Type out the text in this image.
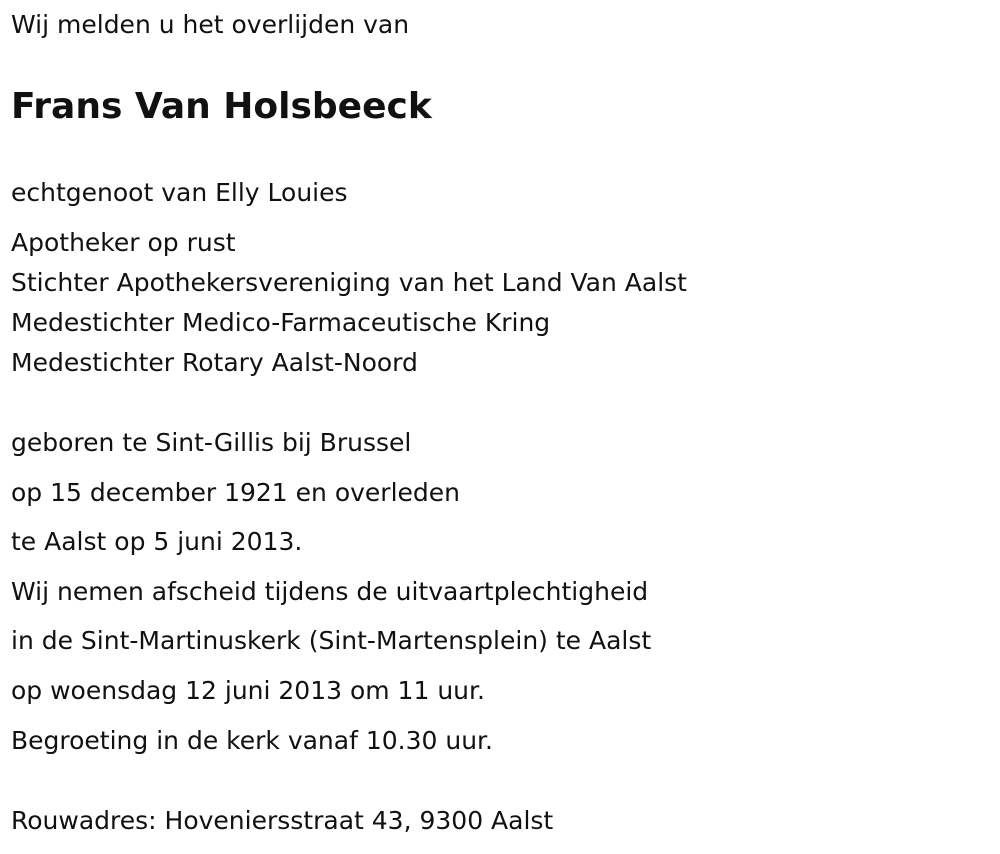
Wij melden u het overlijden van
Frans Van Holsbeeck
echtgenoot van Elly Louies
Apotheker op rust
Stichter Apothekersvereniging van het Land Van Aalst
Medestichter Medico-Farmaceutische Kring
Medestichter Rotary Aalst-Noord
geboren te Sint-Gillis bij Brussel
op 15 december 1921 en overleden
te Aalst op 5 juni 2013.
Wij nemen afscheid tijdens de uitvaartplechtigheid
in de Sint-Martinuskerk (Sint-Martensplein) te Aalst
op woensdag 12 juni 2013 om 11 uur.
Begroeting in de kerk vanaf 10.30 uur.
Rouwadres: Hoveniersstraat 43, 9300 Aalst
